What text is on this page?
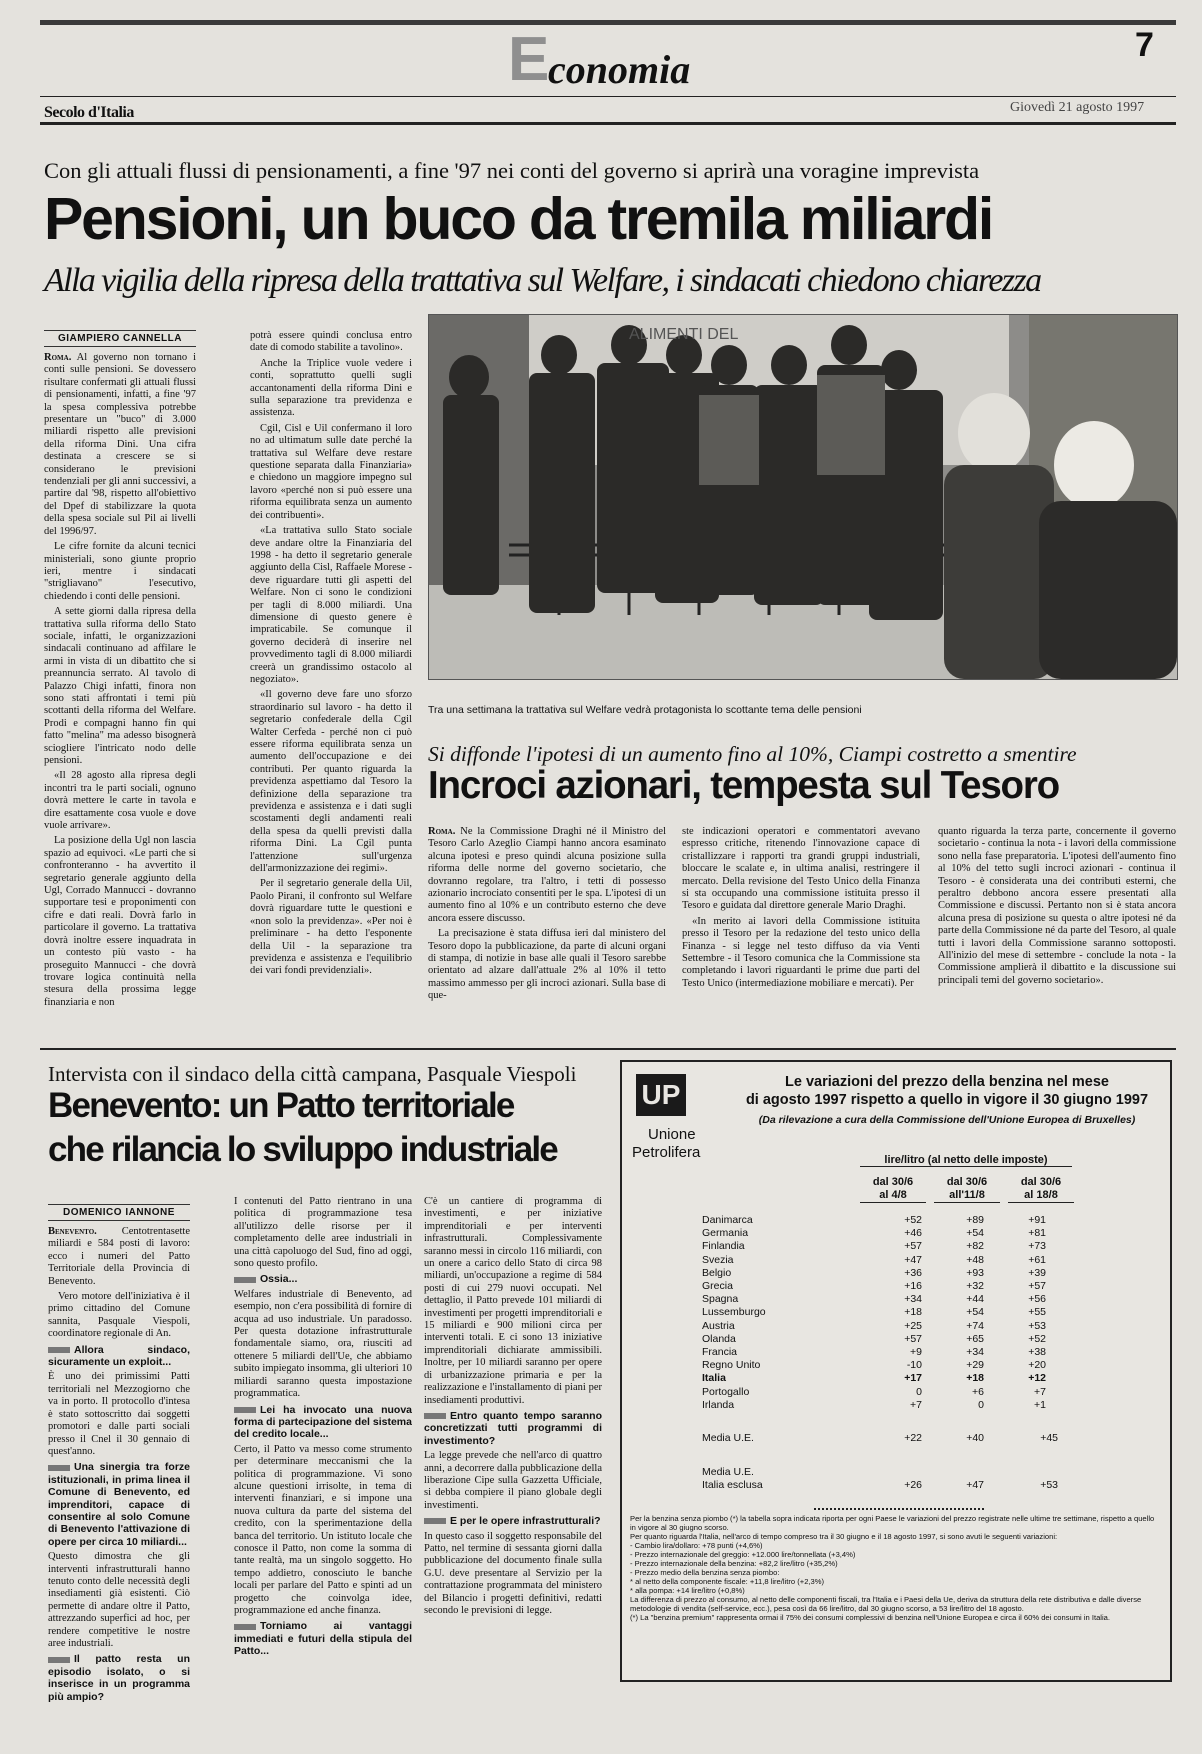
E
conomia
7
Secolo d'Italia	Giovedì 21 agosto 1997
Con gli attuali flussi di pensionamenti, a fine '97 nei conti del governo si aprirà una voragine imprevista
Pensioni, un buco da tremila miliardi
Alla vigilia della ripresa della trattativa sul Welfare, i sindacati chiedono chiarezza
GIAMPIERO CANNELLA

Roma. Al governo non tornano i conti sulle pensioni. Se dovessero risultare confermati gli attuali flussi di pensionamenti, infatti, a fine '97 la spesa complessiva potrebbe presentare un "buco" di 3.000 miliardi rispetto alle previsioni della riforma Dini. Una cifra destinata a crescere se si considerano le previsioni tendenziali per gli anni successivi, a partire dal '98, rispetto all'obiettivo del Dpef di stabilizzare la quota della spesa sociale sul Pil ai livelli del 1996/97.

Le cifre fornite da alcuni tecnici ministeriali, sono giunte proprio ieri, mentre i sindacati "strigliavano" l'esecutivo, chiedendo i conti delle pensioni.

A sette giorni dalla ripresa della trattativa sulla riforma dello Stato sociale, infatti, le organizzazioni sindacali continuano ad affilare le armi in vista di un dibattito che si preannuncia serrato. Al tavolo di Palazzo Chigi infatti, finora non sono stati affrontati i temi più scottanti della riforma del Welfare. Prodi e compagni hanno fin qui fatto "melina" ma adesso bisognerà sciogliere l'intricato nodo delle pensioni.

«Il 28 agosto alla ripresa degli incontri tra le parti sociali, ognuno dovrà mettere le carte in tavola e dire esattamente cosa vuole e dove vuole arrivare».

La posizione della Ugl non lascia spazio ad equivoci. «Le parti che si confronteranno - ha avvertito il segretario generale aggiunto della Ugl, Corrado Mannucci - dovranno supportare tesi e proponimenti con cifre e dati reali. Dovrà farlo in particolare il governo. La trattativa dovrà inoltre essere inquadrata in un contesto più vasto - ha proseguito Mannucci - che dovrà trovare logica continuità nella stesura della prossima legge finanziaria e non

potrà essere quindi conclusa entro date di comodo stabilite a tavolino».

Anche la Triplice vuole vedere i conti, soprattutto quelli sugli accantonamenti della riforma Dini e sulla separazione tra previdenza e assistenza.

Cgil, Cisl e Uil confermano il loro no ad ultimatum sulle date perché la trattativa sul Welfare deve restare questione separata dalla Finanziaria» e chiedono un maggiore impegno sul lavoro «perché non si può essere una riforma equilibrata senza un aumento dei contribuenti».

«La trattativa sullo Stato sociale deve andare oltre la Finanziaria del 1998 - ha detto il segretario generale aggiunto della Cisl, Raffaele Morese - deve riguardare tutti gli aspetti del Welfare. Non ci sono le condizioni per tagli di 8.000 miliardi. Una dimensione di questo genere è impraticabile. Se comunque il governo deciderà di inserire nel provvedimento tagli di 8.000 miliardi creerà un grandissimo ostacolo al negoziato».

«Il governo deve fare uno sforzo straordinario sul lavoro - ha detto il segretario confederale della Cgil Walter Cerfeda - perché non ci può essere riforma equilibrata senza un aumento dell'occupazione e dei contributi. Per quanto riguarda la previdenza aspettiamo dal Tesoro la definizione della separazione tra previdenza e assistenza e i dati sugli scostamenti degli andamenti reali della spesa da quelli previsti dalla riforma Dini. La Cgil punta l'attenzione sull'urgenza dell'armonizzazione dei regimi».

Per il segretario generale della Uil, Paolo Pirani, il confronto sul Welfare dovrà riguardare tutte le questioni e «non solo la previdenza». «Per noi è preliminare - ha detto l'esponente della Uil - la separazione tra previdenza e assistenza e l'equilibrio dei vari fondi previdenziali».

ALIMENTI DEL
Tra una settimana la trattativa sul Welfare vedrà protagonista lo scottante tema delle pensioni
Si diffonde l'ipotesi di un aumento fino al 10%, Ciampi costretto a smentire
Incroci azionari, tempesta sul Tesoro

Roma. Ne la Commissione Draghi né il Ministro del Tesoro Carlo Azeglio Ciampi hanno ancora esaminato alcuna ipotesi e preso quindi alcuna posizione sulla riforma delle norme del governo societario, che dovranno regolare, tra l'altro, i tetti di possesso azionario incrociato consentiti per le spa. L'ipotesi di un aumento fino al 10% e un contributo esterno che deve ancora essere discusso.

La precisazione è stata diffusa ieri dal ministero del Tesoro dopo la pubblicazione, da parte di alcuni organi di stampa, di notizie in base alle quali il Tesoro sarebbe orientato ad alzare dall'attuale 2% al 10% il tetto massimo ammesso per gli incroci azionari. Sulla base di que-

ste indicazioni operatori e commentatori avevano espresso critiche, ritenendo l'innovazione capace di cristallizzare i rapporti tra grandi gruppi industriali, bloccare le scalate e, in ultima analisi, restringere il mercato. Della revisione del Testo Unico della Finanza si sta occupando una commissione istituita presso il Tesoro e guidata dal direttore generale Mario Draghi.

«In merito ai lavori della Commissione istituita presso il Tesoro per la redazione del testo unico della Finanza - si legge nel testo diffuso da via Venti Settembre - il Tesoro comunica che la Commissione sta completando i lavori riguardanti le prime due parti del Testo Unico (intermediazione mobiliare e mercati). Per

quanto riguarda la terza parte, concernente il governo societario - continua la nota - i lavori della commissione sono nella fase preparatoria. L'ipotesi dell'aumento fino al 10% del tetto sugli incroci azionari - continua il Tesoro - è considerata una dei contributi esterni, che peraltro debbono ancora essere presentati alla Commissione e discussi. Pertanto non si è stata ancora alcuna presa di posizione su questa o altre ipotesi né da parte della Commissione né da parte del Tesoro, al quale tutti i lavori della Commissione saranno sottoposti. All'inizio del mese di settembre - conclude la nota - la Commissione amplierà il dibattito e la discussione sui principali temi del governo societario».

Intervista con il sindaco della città campana, Pasquale Viespoli
Benevento: un Patto territoriale
che rilancia lo sviluppo industriale
DOMENICO IANNONE

Benevento. Centotrentasette miliardi e 584 posti di lavoro: ecco i numeri del Patto Territoriale della Provincia di Benevento.

Vero motore dell'iniziativa è il primo cittadino del Comune sannita, Pasquale Viespoli, coordinatore regionale di An.

Allora sindaco, sicuramente un exploit...

È uno dei primissimi Patti territoriali nel Mezzogiorno che va in porto. Il protocollo d'intesa è stato sottoscritto dai soggetti promotori e dalle parti sociali presso il Cnel il 30 gennaio di quest'anno.

Una sinergia tra forze istituzionali, in prima linea il Comune di Benevento, ed imprenditori, capace di consentire al solo Comune di Benevento l'attivazione di opere per circa 10 miliardi...

Questo dimostra che gli interventi infrastrutturali hanno tenuto conto delle necessità degli insediamenti già esistenti. Ciò permette di andare oltre il Patto, attrezzando superfici ad hoc, per rendere competitive le nostre aree industriali.

Il patto resta un episodio isolato, o si inserisce in un programma più ampio?

I contenuti del Patto rientrano in una politica di programmazione tesa all'utilizzo delle risorse per il completamento delle aree industriali in una città capoluogo del Sud, fino ad oggi, sono questo profilo.

Ossia...

Welfares industriale di Benevento, ad esempio, non c'era possibilità di fornire di acqua ad uso industriale. Un paradosso. Per questa dotazione infrastrutturale fondamentale siamo, ora, riusciti ad ottenere 5 miliardi dell'Ue, che abbiamo subito impiegato insomma, gli ulteriori 10 miliardi saranno questa impostazione programmatica.

Lei ha invocato una nuova forma di partecipazione del sistema del credito locale...

Certo, il Patto va messo come strumento per determinare meccanismi che la politica di programmazione. Vi sono alcune questioni irrisolte, in tema di interventi finanziari, e si impone una nuova cultura da parte del sistema del credito, con la sperimentazione della banca del territorio. Un istituto locale che conosce il Patto, non come la somma di tante realtà, ma un singolo soggetto. Ho tempo addietro, conosciuto le banche locali per parlare del Patto e spinti ad un progetto che coinvolga idee, programmazione ed anche finanza.

Torniamo ai vantaggi immediati e futuri della stipula del Patto...

C'è un cantiere di programma di investimenti, e per iniziative imprenditoriali e per interventi infrastrutturali. Complessivamente saranno messi in circolo 116 miliardi, con un onere a carico dello Stato di circa 98 miliardi, un'occupazione a regime di 584 posti di cui 279 nuovi occupati. Nel dettaglio, il Patto prevede 101 miliardi di investimenti per progetti imprenditoriali e 15 miliardi e 900 milioni circa per interventi totali. E ci sono 13 iniziative imprenditoriali dichiarate ammissibili. Inoltre, per 10 miliardi saranno per opere di urbanizzazione primaria e per la realizzazione e l'installamento di piani per insediamenti produttivi.

Entro quanto tempo saranno concretizzati tutti programmi di investimento?

La legge prevede che nell'arco di quattro anni, a decorrere dalla pubblicazione della liberazione Cipe sulla Gazzetta Ufficiale, si debba compiere il piano globale degli investimenti.

E per le opere infrastrutturali?

In questo caso il soggetto responsabile del Patto, nel termine di sessanta giorni dalla pubblicazione del documento finale sulla G.U. deve presentare al Servizio per la contrattazione programmata del ministero del Bilancio i progetti definitivi, redatti secondo le previsioni di legge.

UP
Unione
Petrolifera
Le variazioni del prezzo della benzina nel mese
di agosto 1997 rispetto a quello in vigore il 30 giugno 1997
(Da rilevazione a cura della Commissione dell'Unione Europea di Bruxelles)
lire/litro (al netto delle imposte)
dal 30/6
al 4/8
dal 30/6
all'11/8
dal 30/6
al 18/8
Danimarca	+52	+89	+91
Germania	+46	+54	+81
Finlandia	+57	+82	+73
Svezia	+47	+48	+61
Belgio	+36	+93	+39
Grecia	+16	+32	+57
Spagna	+34	+44	+56
Lussemburgo	+18	+54	+55
Austria	+25	+74	+53
Olanda	+57	+65	+52
Francia	+9	+34	+38
Regno Unito	-10	+29	+20
Italia	+17	+18	+12
Portogallo	0	+6	+7
Irlanda	+7	0	+1
Media U.E.	+22	+40	+45
Media U.E.
Italia esclusa	+26	+47	+53
Per la benzina senza piombo (*) la tabella sopra indicata riporta per ogni Paese le variazioni del prezzo registrate nelle ultime tre settimane, rispetto a quello in vigore al 30 giugno scorso.
Per quanto riguarda l'Italia, nell'arco di tempo compreso tra il 30 giugno e il 18 agosto 1997, si sono avuti le seguenti variazioni:
- Cambio lira/dollaro: +78 punti (+4,6%)
- Prezzo internazionale del greggio: +12.000 lire/tonnellata (+3,4%)
- Prezzo internazionale della benzina: +82,2 lire/litro (+35,2%)
- Prezzo medio della benzina senza piombo:
* al netto della componente fiscale: +11,8 lire/litro (+2,3%)
* alla pompa: +14 lire/litro (+0,8%)
La differenza di prezzo al consumo, al netto delle componenti fiscali, tra l'Italia e i Paesi della Ue, deriva da struttura della rete distributiva e dalle diverse metodologie di vendita (self-service, ecc.), pesa così da 66 lire/litro, dal 30 giugno scorso, a 53 lire/litro del 18 agosto.
(*) La "benzina premium" rappresenta ormai il 75% dei consumi complessivi di benzina nell'Unione Europea e circa il 60% dei consumi in Italia.
